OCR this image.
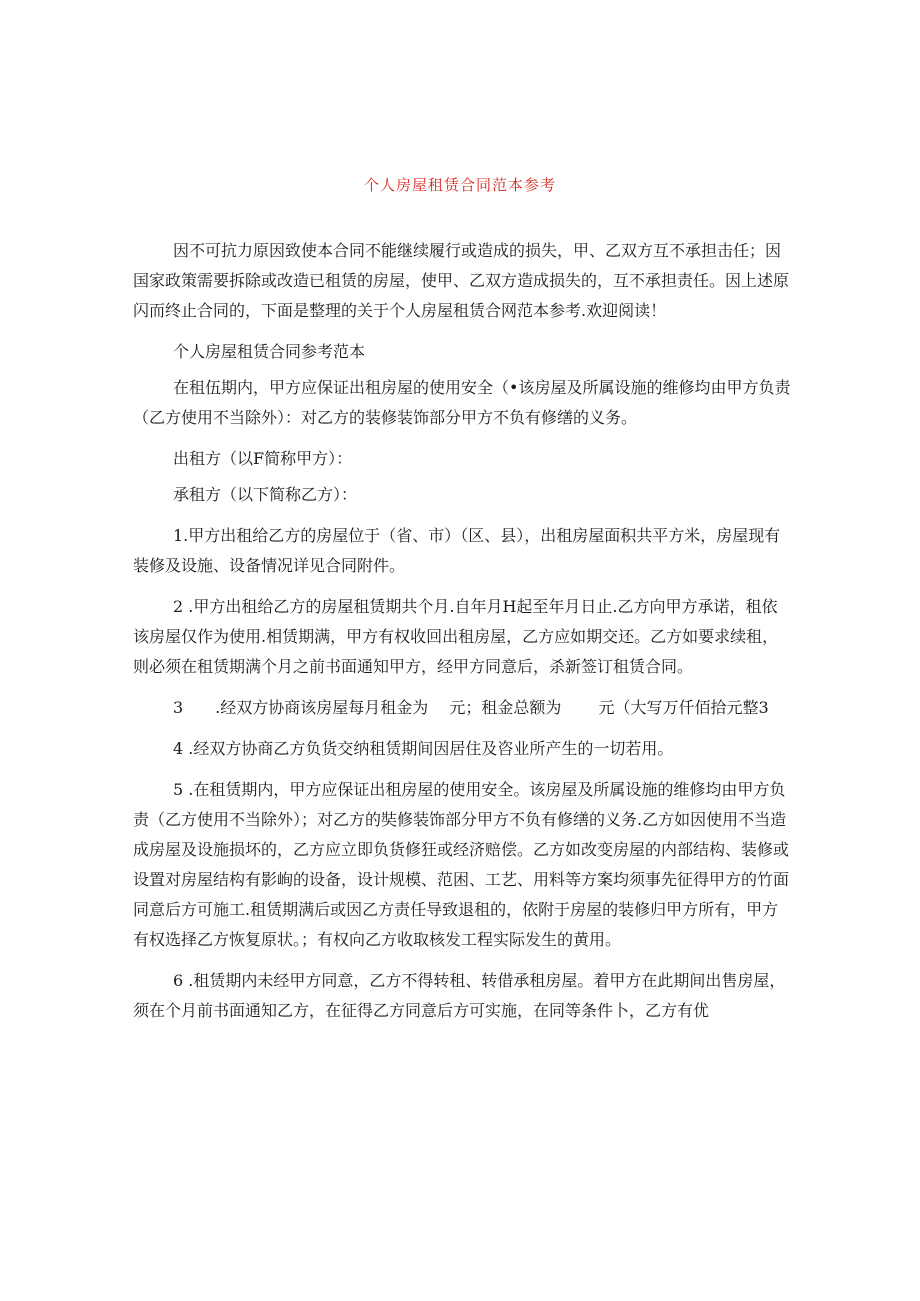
个人房屋租赁合同范本参考

因不可抗力原因致使本合同不能继续履行或造成的损失，甲、乙双方互不承担击任；因国家政策需要拆除或改造已租赁的房屋，使甲、乙双方造成损失的，互不承担责任。因上述原闪而终止合同的，下面是整理的关于个人房屋租赁合网范本参考.欢迎阅读！

个人房屋租赁合同参考范本

在租伍期内，甲方应保证出租房屋的使用安全（•该房屋及所属设施的维修均由甲方负责（乙方使用不当除外）：对乙方的装修装饰部分甲方不负有修缮的义务。

出租方（以F简称甲方）：

承租方（以下简称乙方）：

1.甲方出租给乙方的房屋位于（省、市）（区、县），出租房屋面积共平方米，房屋现有装修及设施、设备情况详见合同附件。

2 .甲方出租给乙方的房屋租赁期共个月.自年月H起至年月日止.乙方向甲方承诺，租依该房屋仅作为使用.相赁期满，甲方有权收回出租房屋，乙方应如期交还。乙方如要求续租，则必须在租赁期满个月之前书面通知甲方，经甲方同意后，杀新签订租赁合同。

3　　.经双方协商该房屋每月租金为　 元；租金总额为　　 元（大写万仟佰拾元整3

4 .经双方协商乙方负货交纳租赁期间因居住及咨业所产生的一切若用。

5 .在租赁期内，甲方应保证出租房屋的使用安全。该房屋及所属设施的维修均由甲方负责（乙方使用不当除外）；对乙方的奘修装饰部分甲方不负有修缮的义务.乙方如因使用不当造成房屋及设施损坏的，乙方应立即负货修狂或经济赔偿。乙方如改变房屋的内部结构、装修或设置对房屋结构有影峋的设备，设计规模、范困、工艺、用料等方案均须事先征得甲方的竹面同意后方可施工.租赁期满后或因乙方责任导致退租的，依附于房屋的装修归甲方所有，甲方有权选择乙方恢复原状。；有权向乙方收取核发工程实际发生的黄用。

6 .租赁期内未经甲方同意，乙方不得转租、转借承租房屋。着甲方在此期间出售房屋，须在个月前书面通知乙方，在征得乙方同意后方可实施，在同等条件卜，乙方有优
